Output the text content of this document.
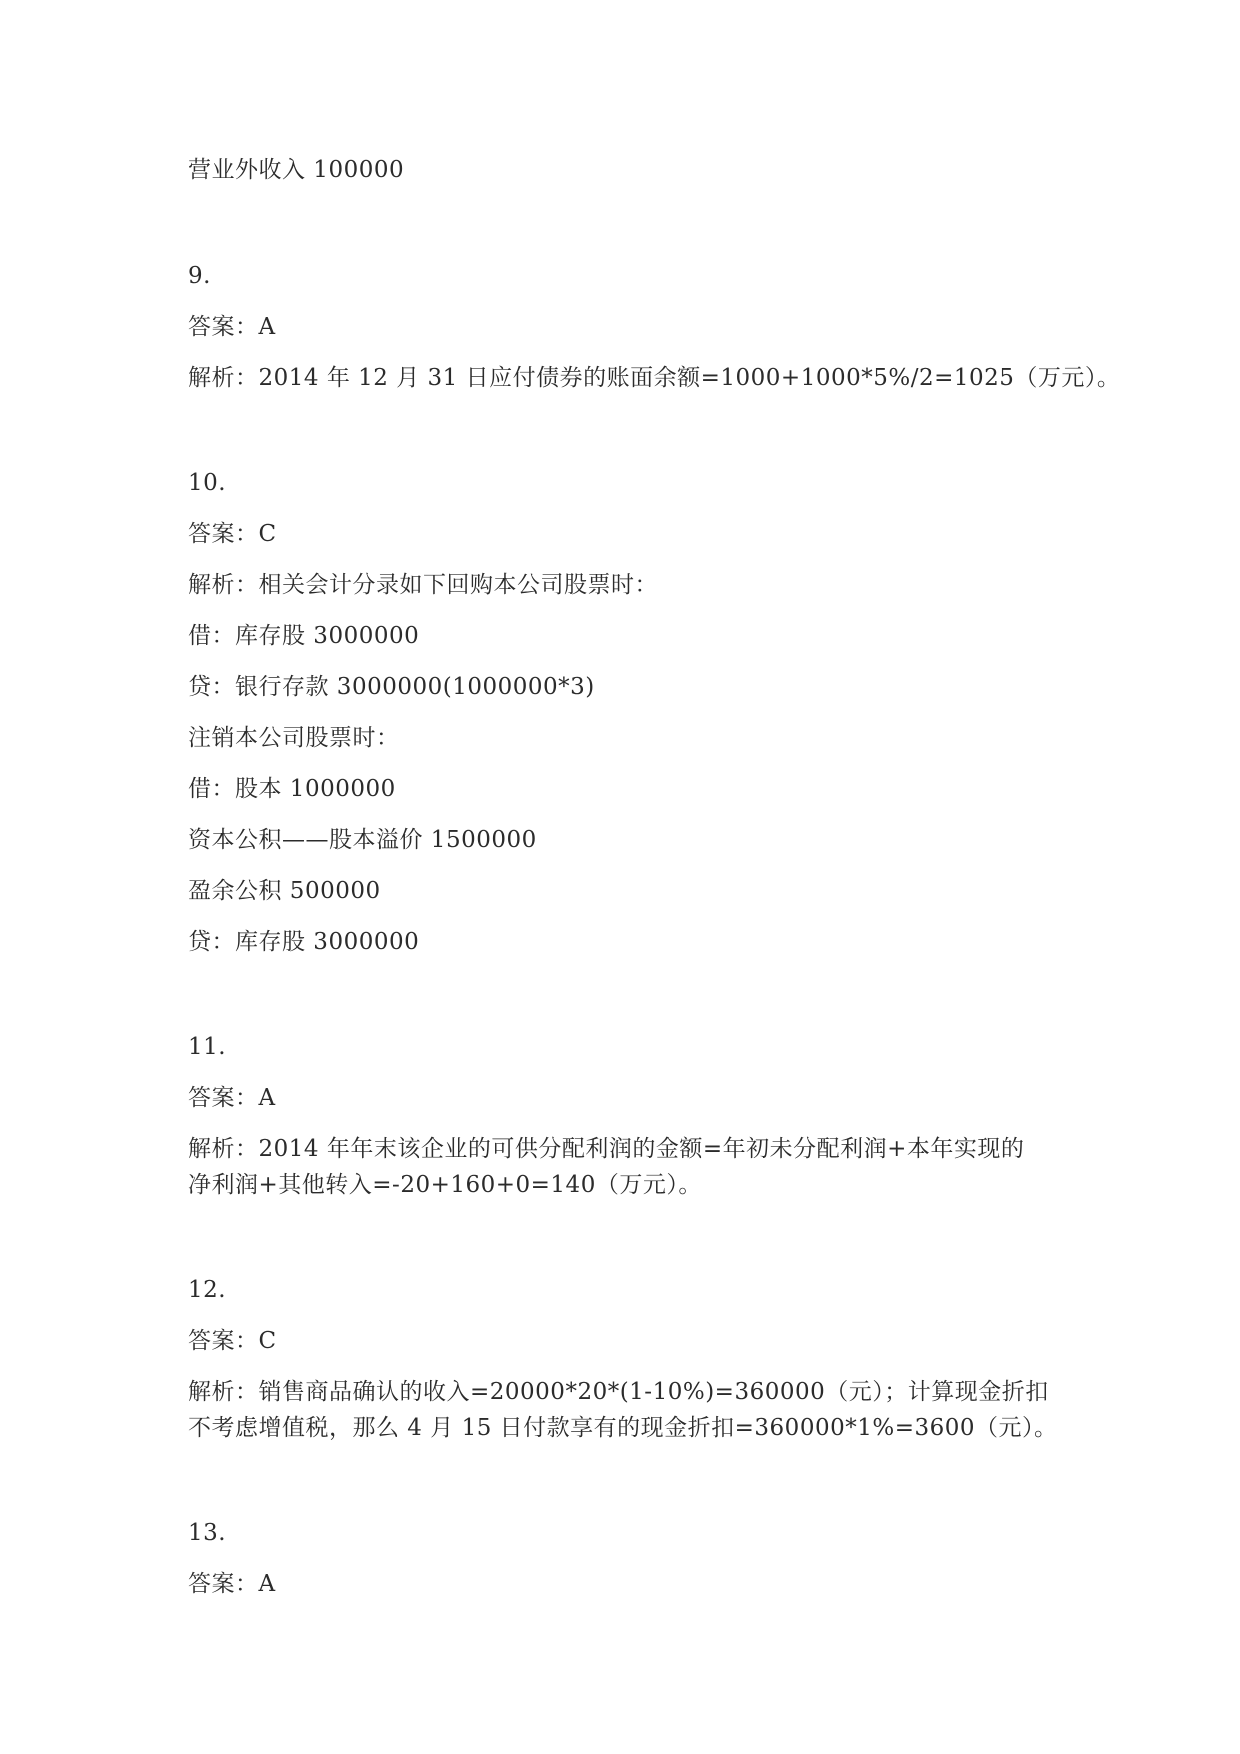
营业外收入 100000
9.
答案：A
解析：2014 年 12 月 31 日应付债券的账面余额=1000+1000*5%/2=1025（万元）。
10.
答案：C
解析：相关会计分录如下回购本公司股票时：
借：库存股 3000000
贷：银行存款 3000000(1000000*3)
注销本公司股票时：
借：股本 1000000
资本公积——股本溢价 1500000
盈余公积 500000
贷：库存股 3000000
11.
答案：A
解析：2014 年年末该企业的可供分配利润的金额=年初未分配利润+本年实现的
净利润+其他转入=-20+160+0=140（万元）。
12.
答案：C
解析：销售商品确认的收入=20000*20*(1-10%)=360000（元）；计算现金折扣
不考虑增值税，那么 4 月 15 日付款享有的现金折扣=360000*1%=3600（元）。
13.
答案：A
